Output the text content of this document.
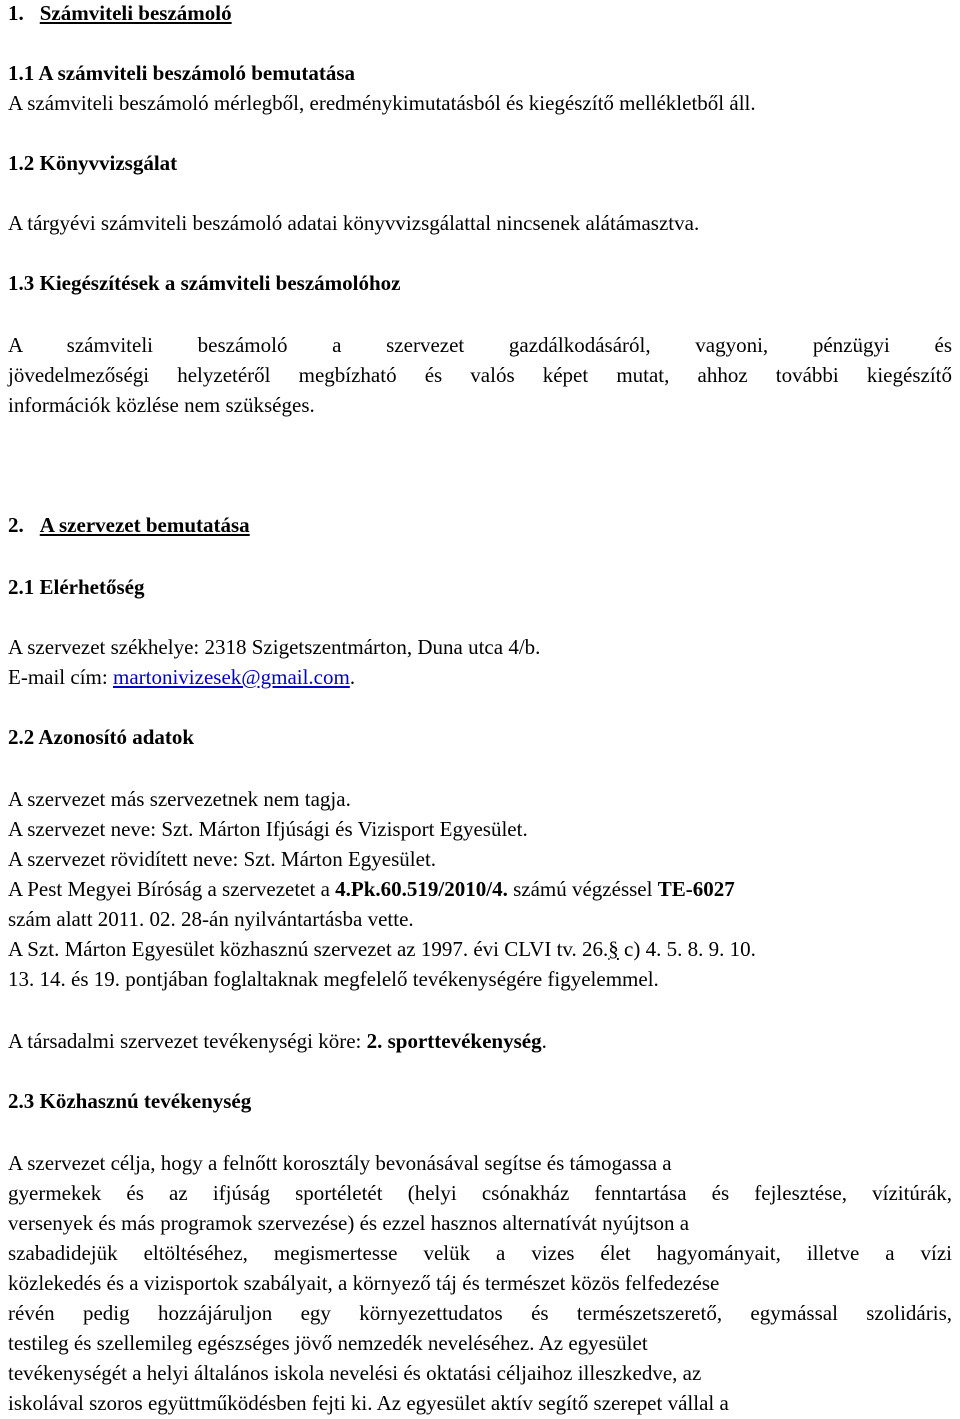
1. Számviteli beszámoló

1.1 A számviteli beszámoló bemutatása

A számviteli beszámoló mérlegből, eredménykimutatásból és kiegészítő mellékletből áll.

1.2 Könyvvizsgálat

A tárgyévi számviteli beszámoló adatai könyvvizsgálattal nincsenek alátámasztva.

1.3 Kiegészítések a számviteli beszámolóhoz

A számviteli beszámoló a szervezet gazdálkodásáról, vagyoni, pénzügyi és
jövedelmezőségi helyzetéről megbízható és valós képet mutat, ahhoz további kiegészítő
információk közlése nem szükséges.

2. A szervezet bemutatása

2.1 Elérhetőség

A szervezet székhelye: 2318 Szigetszentmárton, Duna utca 4/b.

E-mail cím: martonivizesek@gmail.com.

2.2 Azonosító adatok

A szervezet más szervezetnek nem tagja.
A szervezet neve: Szt. Márton Ifjúsági és Vizisport Egyesület.
A szervezet rövidített neve: Szt. Márton Egyesület.
A Pest Megyei Bíróság a szervezetet a 4.Pk.60.519/2010/4. számú végzéssel TE-6027
szám alatt 2011. 02. 28-án nyilvántartásba vette.
A Szt. Márton Egyesület közhasznú szervezet az 1997. évi CLVI tv. 26.§ c) 4. 5. 8. 9. 10.
13. 14. és 19. pontjában foglaltaknak megfelelő tevékenységére figyelemmel.

A társadalmi szervezet tevékenységi köre: 2. sporttevékenység.

2.3 Közhasznú tevékenység

A szervezet célja, hogy a felnőtt korosztály bevonásával segítse és támogassa a
gyermekek és az ifjúság sportéletét (helyi csónakház fenntartása és fejlesztése, vízitúrák,
versenyek és más programok szervezése) és ezzel hasznos alternatívát nyújtson a
szabadidejük eltöltéséhez, megismertesse velük a vizes élet hagyományait, illetve a vízi
közlekedés és a vizisportok szabályait, a környező táj és természet közös felfedezése
révén pedig hozzájáruljon egy környezettudatos és természetszerető, egymással szolidáris,
testileg és szellemileg egészséges jövő nemzedék neveléséhez. Az egyesület
tevékenységét a helyi általános iskola nevelési és oktatási céljaihoz illeszkedve, az
iskolával szoros együttműködésben fejti ki. Az egyesület aktív segítő szerepet vállal a
